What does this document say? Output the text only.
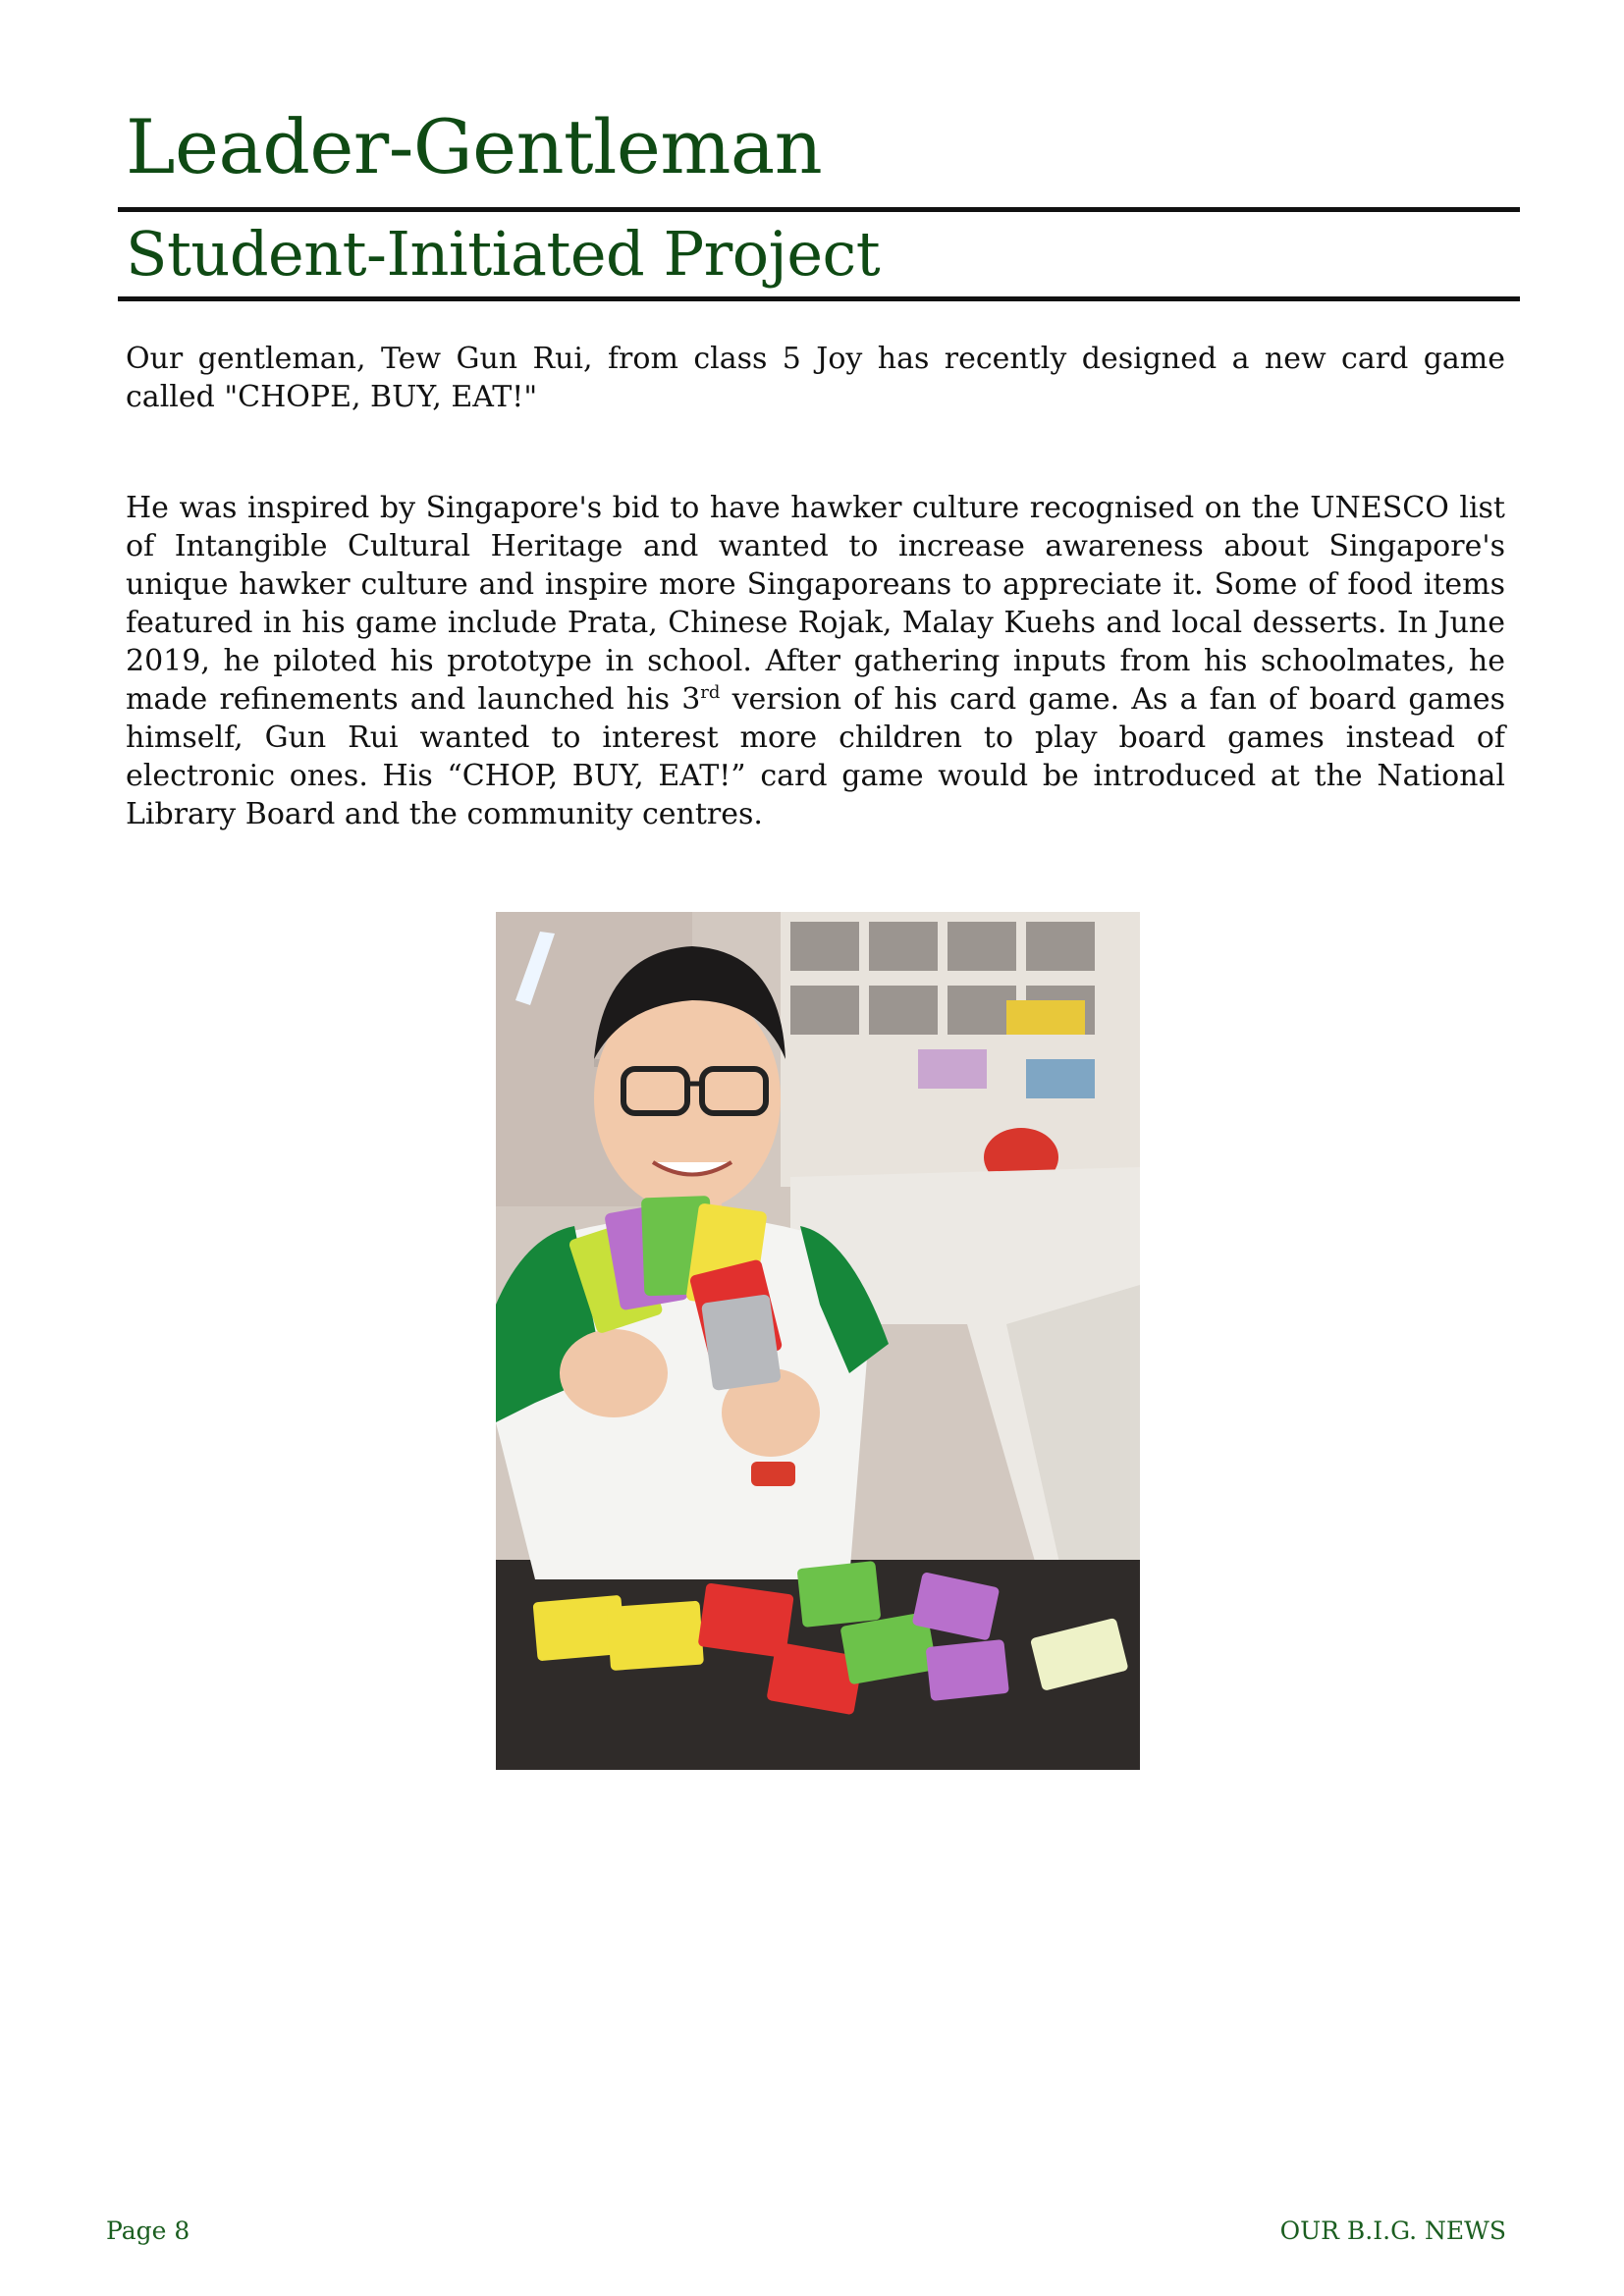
Leader-Gentleman
Student-Initiated Project

Our gentleman, Tew Gun Rui, from class 5 Joy has recently designed a new card game called "CHOPE, BUY, EAT!"

He was inspired by Singapore's bid to have hawker culture recognised on the UNESCO list of Intangible Cultural Heritage and wanted to increase awareness about Singapore's unique hawker culture and inspire more Singaporeans to appreciate it. Some of food items featured in his game include Prata, Chinese Rojak, Malay Kuehs and local desserts. In June 2019, he piloted his prototype in school. After gathering inputs from his schoolmates, he made refinements and launched his 3rd version of his card game. As a fan of board games himself, Gun Rui wanted to interest more children to play board games instead of electronic ones. His “CHOP, BUY, EAT!” card game would be introduced at the National Library Board and the community centres.

Page 8	OUR B.I.G. NEWS
